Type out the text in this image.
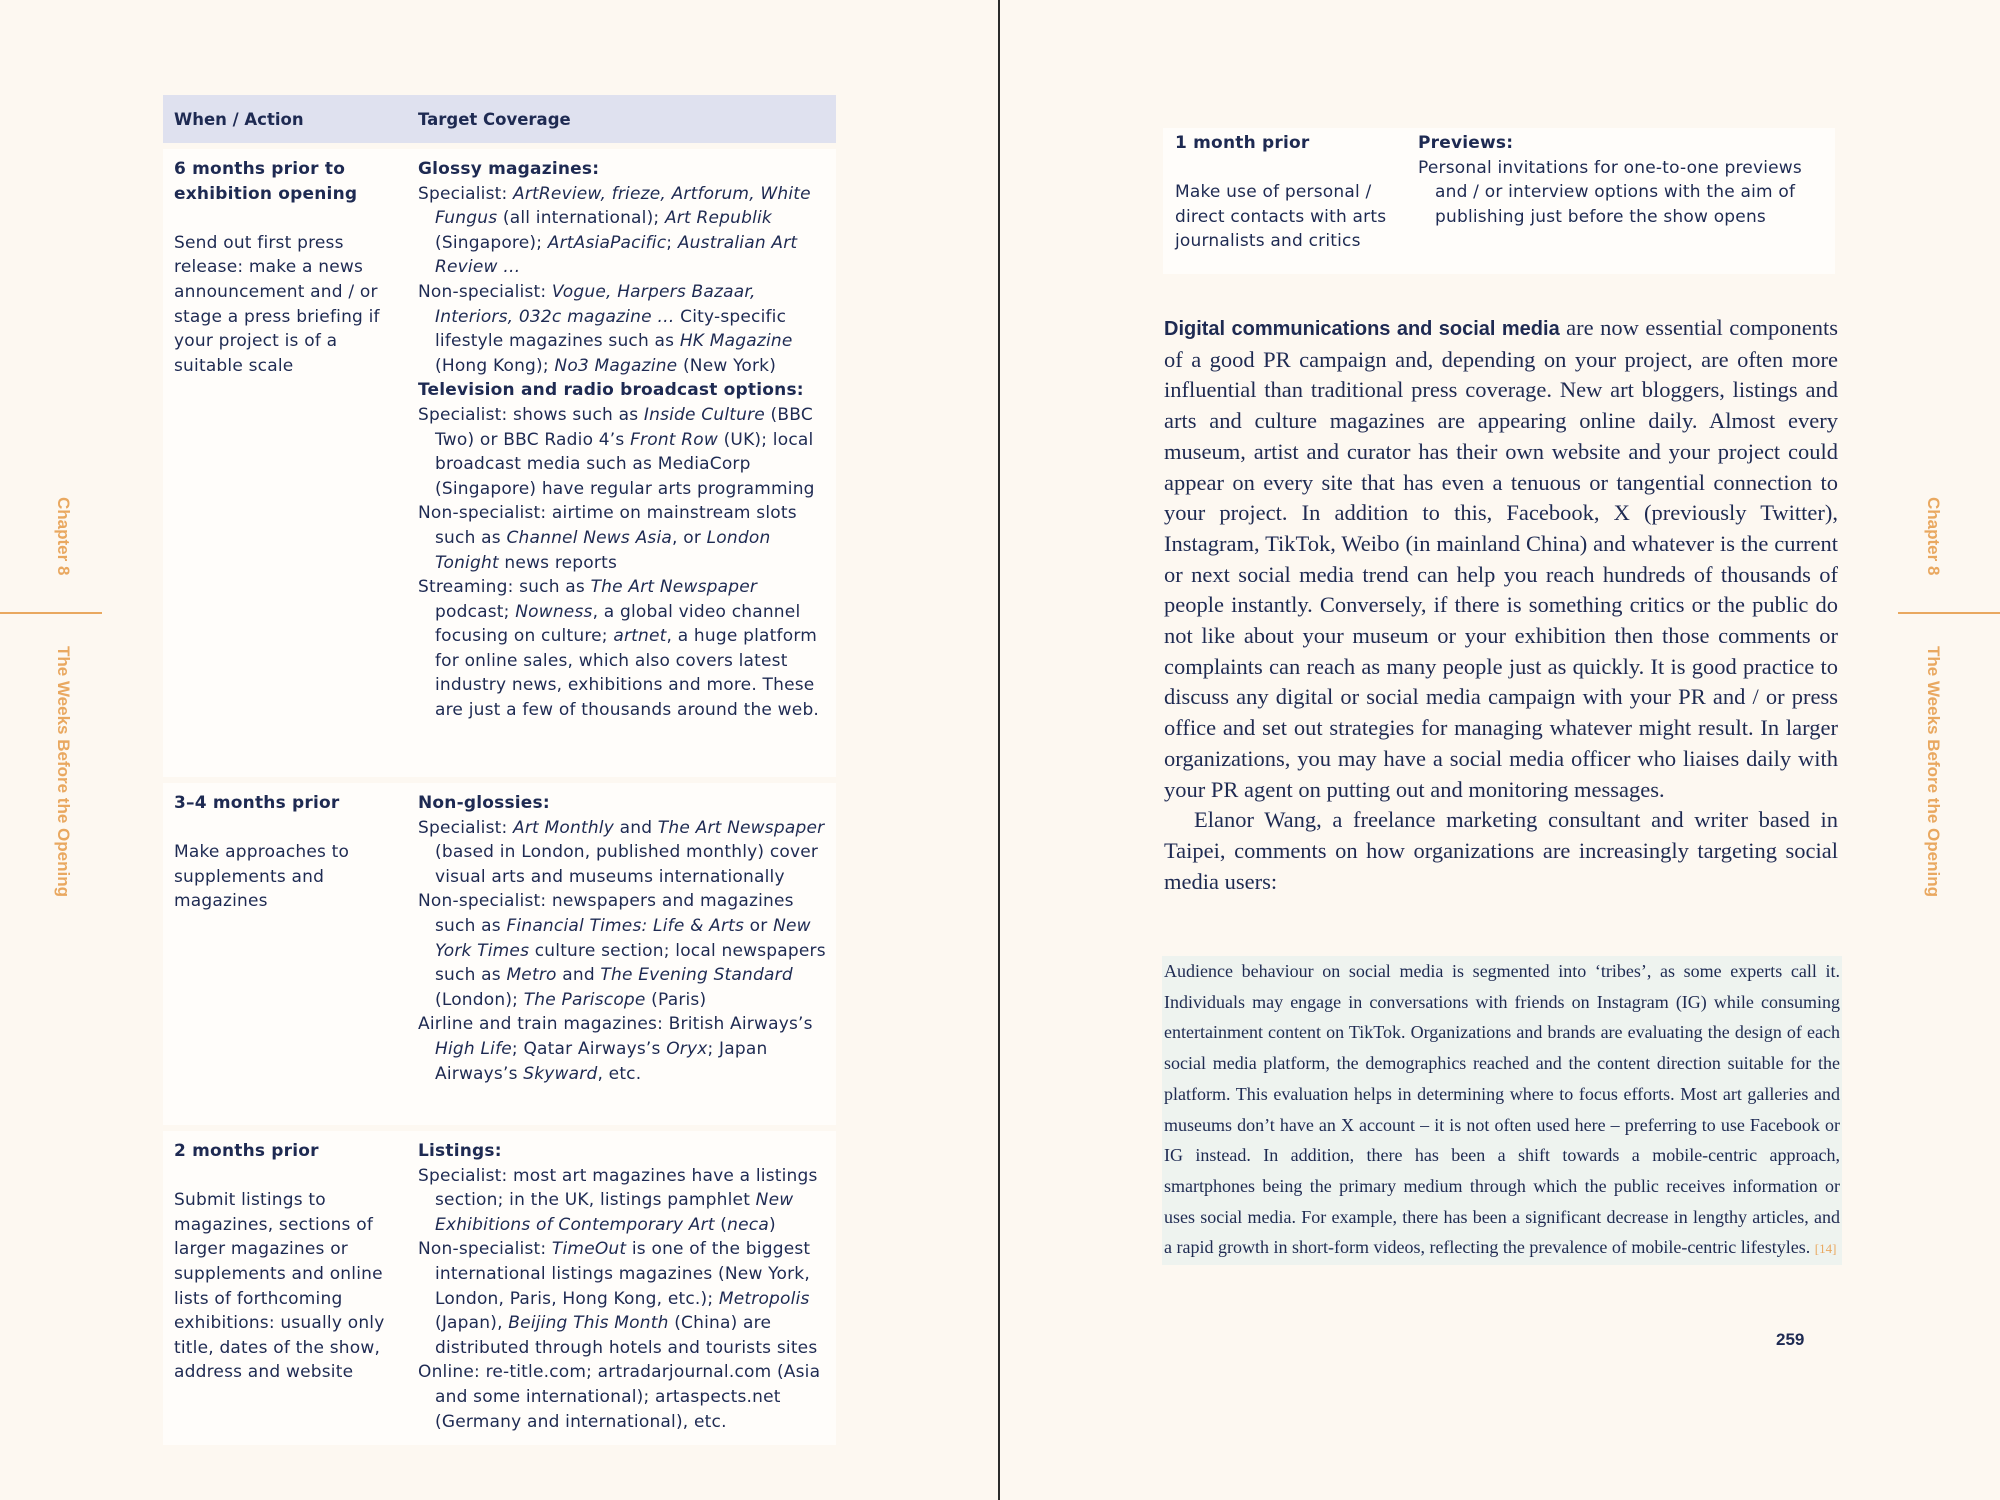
Chapter 8
The Weeks Before the Opening
Chapter 8
The Weeks Before the Opening
When / Action	Target Coverage
6 months prior to exhibition opening
Send out first press release: make a news announcement and / or stage a press briefing if your project is of a suitable scale
Glossy magazines:
Specialist: ArtReview, frieze, Artforum, White Fungus (all international); Art Republik (Singapore); ArtAsiaPacific; Australian Art Review …
Non-specialist: Vogue, Harpers Bazaar, Interiors, 032c magazine … City-specific lifestyle magazines such as HK Magazine (Hong Kong); No3 Magazine (New York)
Television and radio broadcast options:
Specialist: shows such as Inside Culture (BBC Two) or BBC Radio 4’s Front Row (UK); local broadcast media such as MediaCorp (Singapore) have regular arts programming
Non-specialist: airtime on mainstream slots such as Channel News Asia, or London Tonight news reports
Streaming: such as The Art Newspaper podcast; Nowness, a global video channel focusing on culture; artnet, a huge platform for online sales, which also covers latest industry news, exhibitions and more. These are just a few of thousands around the web.
3–4 months prior
Make approaches to supplements and magazines
Non-glossies:
Specialist: Art Monthly and The Art Newspaper (based in London, published monthly) cover visual arts and museums internationally
Non-specialist: newspapers and magazines such as Financial Times: Life & Arts or New York Times culture section; local newspapers such as Metro and The Evening Standard (London); The Pariscope (Paris)
Airline and train magazines: British Airways’s High Life; Qatar Airways’s Oryx; Japan Airways’s Skyward, etc.
2 months prior
Submit listings to magazines, sections of larger magazines or supplements and online lists of forthcoming exhibitions: usually only title, dates of the show, address and website
Listings:
Specialist: most art magazines have a listings section; in the UK, listings pamphlet New Exhibitions of Contemporary Art (neca)
Non-specialist: TimeOut is one of the biggest international listings magazines (New York, London, Paris, Hong Kong, etc.); Metropolis (Japan), Beijing This Month (China) are distributed through hotels and tourists sites
Online: re-title.com; artradarjournal.com (Asia and some international); artaspects.net (Germany and international), etc.
1 month prior
Make use of personal / direct contacts with arts journalists and critics
Previews:
Personal invitations for one-to-one previews and / or interview options with the aim of publishing just before the show opens

Digital communications and social media are now essential components of a good PR campaign and, depending on your project, are often more influential than traditional press coverage. New art bloggers, listings and arts and culture magazines are appearing online daily. Almost every museum, artist and curator has their own website and your project could appear on every site that has even a tenuous or tangential connection to your project. In addition to this, Facebook, X (previously Twitter), Instagram, TikTok, Weibo (in mainland China) and whatever is the current or next social media trend can help you reach hundreds of thousands of people instantly. Conversely, if there is something critics or the public do not like about your museum or your exhibition then those comments or complaints can reach as many people just as quickly. It is good practice to discuss any digital or social media campaign with your PR and / or press office and set out strategies for managing whatever might result. In larger organizations, you may have a social media officer who liaises daily with your PR agent on putting out and monitoring messages.

Elanor Wang, a freelance marketing consultant and writer based in Taipei, comments on how organizations are increasingly targeting social media users:

Audience behaviour on social media is segmented into ‘tribes’, as some experts call it. Individuals may engage in conversations with friends on Instagram (IG) while consuming entertainment content on TikTok. Organizations and brands are evaluating the design of each social media platform, the demographics reached and the content direction suitable for the platform. This evaluation helps in determining where to focus efforts. Most art galleries and museums don’t have an X account – it is not often used here – preferring to use Facebook or IG instead. In addition, there has been a shift towards a mobile-centric approach, smartphones being the primary medium through which the public receives information or uses social media. For example, there has been a significant decrease in lengthy articles, and a rapid growth in short-form videos, reflecting the prevalence of mobile-centric lifestyles. [14]
259
